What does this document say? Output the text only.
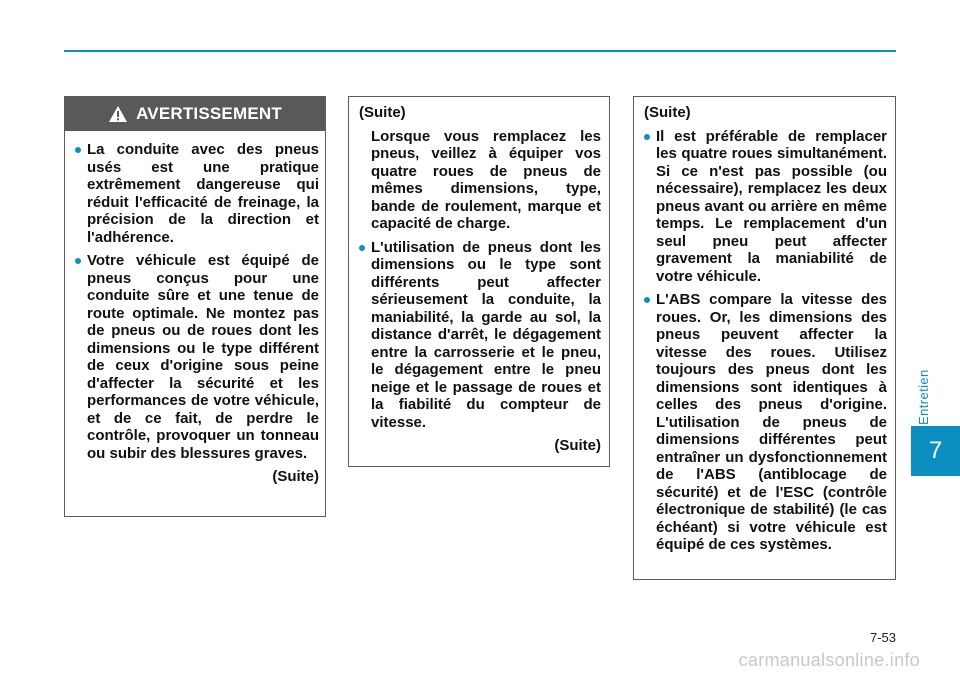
AVERTISSEMENT
La conduite avec des pneus usés est une pratique extrêmement dangereuse qui réduit l'efficacité de freinage, la précision de la direction et l'adhérence.
Votre véhicule est équipé de pneus conçus pour une conduite sûre et une tenue de route optimale. Ne montez pas de pneus ou de roues dont les dimensions ou le type différent de ceux d'origine sous peine d'affecter la sécurité et les performances de votre véhicule, et de ce fait, de perdre le contrôle, provoquer un tonneau ou subir des blessures graves.
(Suite)
(Suite)
Lorsque vous remplacez les pneus, veillez à équiper vos quatre roues de pneus de mêmes dimensions, type, bande de roulement, marque et capacité de charge.
L'utilisation de pneus dont les dimensions ou le type sont différents peut affecter sérieusement la conduite, la maniabilité, la garde au sol, la distance d'arrêt, le dégagement entre la carrosserie et le pneu, le dégagement entre le pneu neige et le passage de roues et la fiabilité du compteur de vitesse.
(Suite)
(Suite)
Il est préférable de remplacer les quatre roues simultanément. Si ce n'est pas possible (ou nécessaire), remplacez les deux pneus avant ou arrière en même temps. Le remplacement d'un seul pneu peut affecter gravement la maniabilité de votre véhicule.
L'ABS compare la vitesse des roues. Or, les dimensions des pneus peuvent affecter la vitesse des roues. Utilisez toujours des pneus dont les dimensions sont identiques à celles des pneus d'origine. L'utilisation de pneus de dimensions différentes peut entraîner un dysfonctionnement de l'ABS (antiblocage de sécurité) et de l'ESC (contrôle électronique de stabilité) (le cas échéant) si votre véhicule est équipé de ces systèmes.
Entretien
7
7-53
carmanualsonline.info
